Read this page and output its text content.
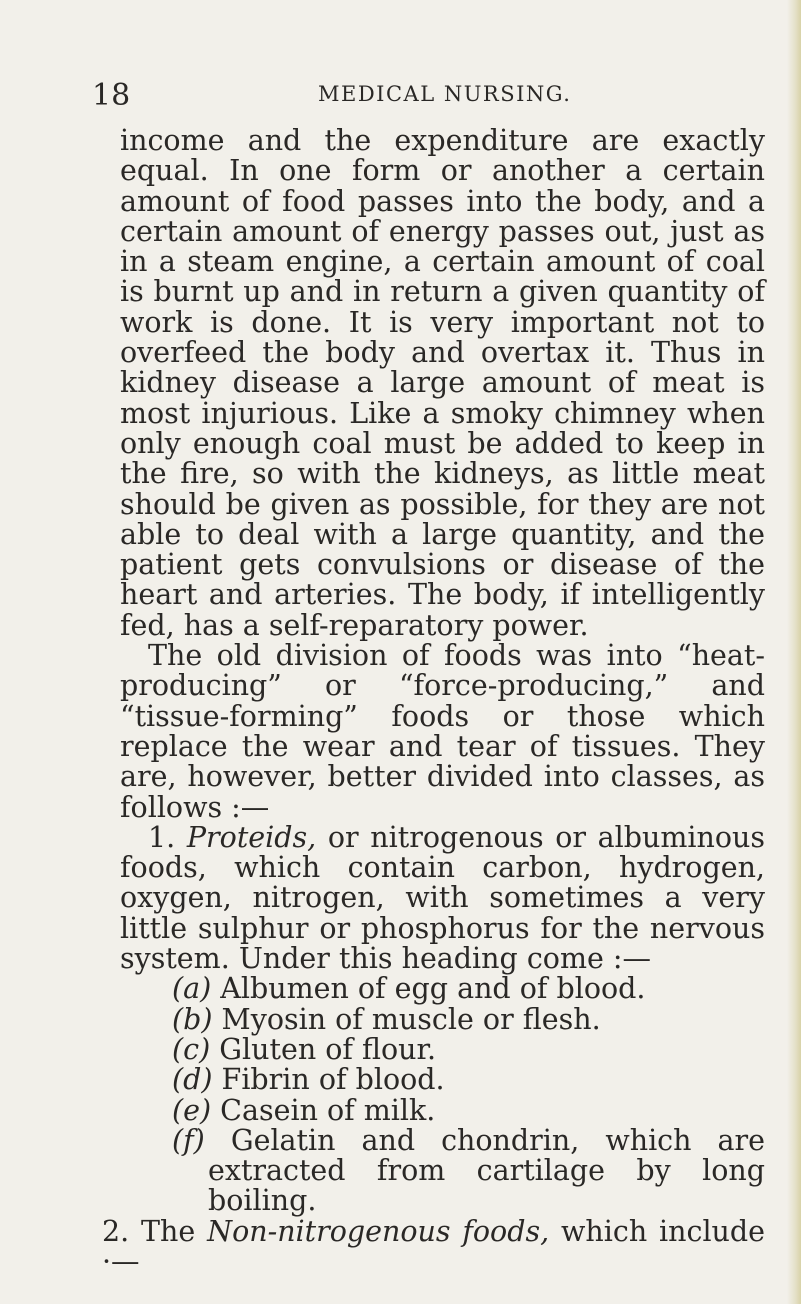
18	MEDICAL NURSING.

income and the expenditure are exactly equal. In one form or another a certain amount of food passes into the body, and a certain amount of energy passes out, just as in a steam engine, a certain amount of coal is burnt up and in return a given quantity of work is done. It is very important not to overfeed the body and overtax it. Thus in kidney disease a large amount of meat is most injurious. Like a smoky chimney when only enough coal must be added to keep in the fire, so with the kidneys, as little meat should be given as possible, for they are not able to deal with a large quantity, and the patient gets convulsions or disease of the heart and arteries. The body, if intelligently fed, has a self-reparatory power.

The old division of foods was into “heat-producing” or “force-producing,” and “tissue-forming” foods or those which replace the wear and tear of tissues. They are, however, better divided into classes, as follows :—

1. Proteids, or nitrogenous or albuminous foods, which contain carbon, hydrogen, oxygen, nitrogen, with sometimes a very little sulphur or phosphorus for the nervous system. Under this heading come :—

(a) Albumen of egg and of blood.

(b) Myosin of muscle or flesh.

(c) Gluten of flour.

(d) Fibrin of blood.

(e) Casein of milk.

(f) Gelatin and chondrin, which are extracted from cartilage by long boiling.

2. The Non-nitrogenous foods, which include ·—
